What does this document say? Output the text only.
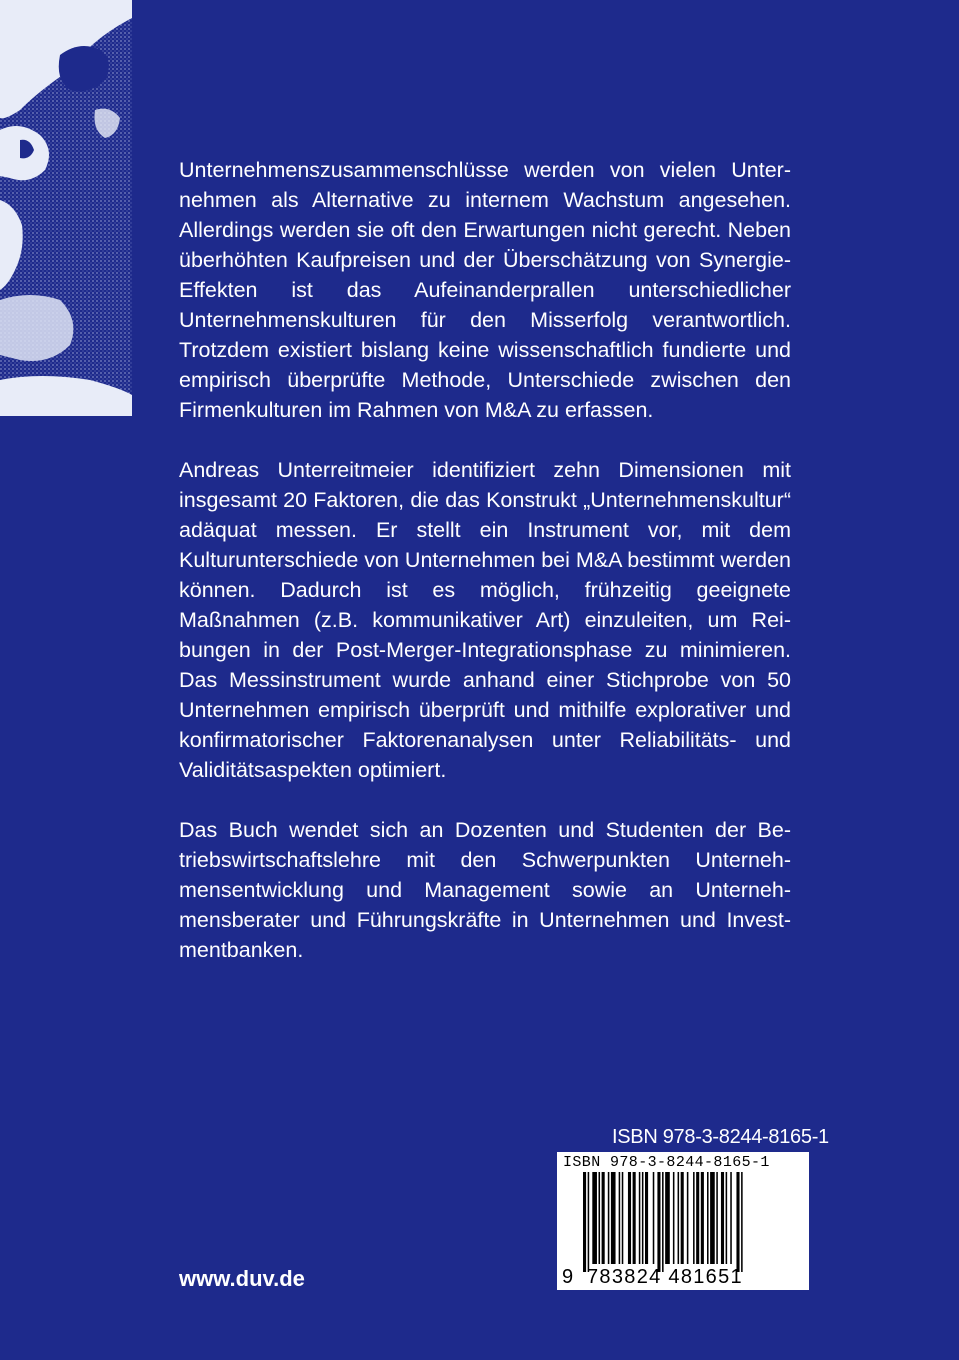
Unternehmenszusammenschlüsse werden von vielen Unternehmen als Alternative zu internem Wachstum angesehen. Allerdings werden sie oft den Erwartungen nicht gerecht. Neben überhöhten Kaufpreisen und der Überschätzung von Synergie-Effekten ist das Aufeinanderprallen unterschiedlicher Unternehmenskulturen für den Misserfolg verantwortlich. Trotzdem existiert bislang keine wissenschaftlich fundierte und empirisch überprüfte Methode, Unterschiede zwischen den Firmenkulturen im Rahmen von M&A zu erfassen.

Andreas Unterreitmeier identifiziert zehn Dimensionen mit insgesamt 20 Faktoren, die das Konstrukt „Unternehmenskultur“ adäquat messen. Er stellt ein Instrument vor, mit dem Kulturunterschiede von Unternehmen bei M&A bestimmt werden können. Dadurch ist es möglich, frühzeitig geeignete Maßnahmen (z.B. kommunikativer Art) einzuleiten, um Reibungen in der Post-Merger-Integrationsphase zu minimieren. Das Messinstrument wurde anhand einer Stichprobe von 50 Unternehmen empirisch überprüft und mithilfe explorativer und konfirmatorischer Faktorenanalysen unter Reliabilitäts- und Validitätsaspekten optimiert.

Das Buch wendet sich an Dozenten und Studenten der Betriebswirtschaftslehre mit den Schwerpunkten Unternehmensentwicklung und Management sowie an Unternehmensberater und Führungskräfte in Unternehmen und Investmentbanken.

ISBN 978-3-8244-8165-1
ISBN 978-3-8244-8165-1
9 783824 481651
www.duv.de
